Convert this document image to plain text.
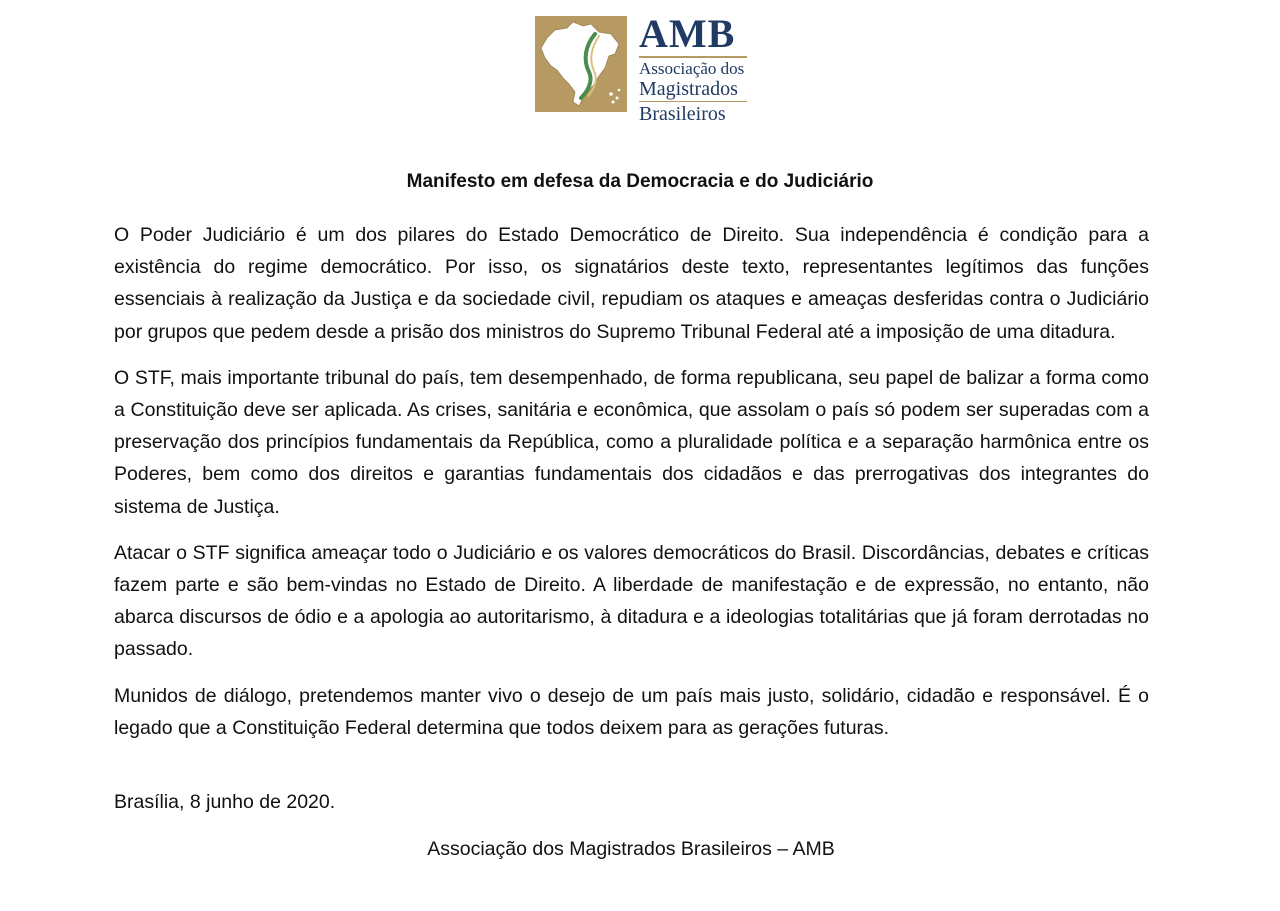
AMB
Associação dos
Magistrados
Brasileiros
Manifesto em defesa da Democracia e do Judiciário

O Poder Judiciário é um dos pilares do Estado Democrático de Direito. Sua independência é condição para a existência do regime democrático. Por isso, os signatários deste texto, representantes legítimos das funções essenciais à realização da Justiça e da sociedade civil, repudiam os ataques e ameaças desferidas contra o Judiciário por grupos que pedem desde a prisão dos ministros do Supremo Tribunal Federal até a imposição de uma ditadura.

O STF, mais importante tribunal do país, tem desempenhado, de forma republicana, seu papel de balizar a forma como a Constituição deve ser aplicada. As crises, sanitária e econômica, que assolam o país só podem ser superadas com a preservação dos princípios fundamentais da República, como a pluralidade política e a separação harmônica entre os Poderes, bem como dos direitos e garantias fundamentais dos cidadãos e das prerrogativas dos integrantes do sistema de Justiça.

Atacar o STF significa ameaçar todo o Judiciário e os valores democráticos do Brasil. Discordâncias, debates e críticas fazem parte e são bem-vindas no Estado de Direito. A liberdade de manifestação e de expressão, no entanto, não abarca discursos de ódio e a apologia ao autoritarismo, à ditadura e a ideologias totalitárias que já foram derrotadas no passado.

Munidos de diálogo, pretendemos manter vivo o desejo de um país mais justo, solidário, cidadão e responsável. É o legado que a Constituição Federal determina que todos deixem para as gerações futuras.

Brasília, 8 junho de 2020.
Associação dos Magistrados Brasileiros – AMB
